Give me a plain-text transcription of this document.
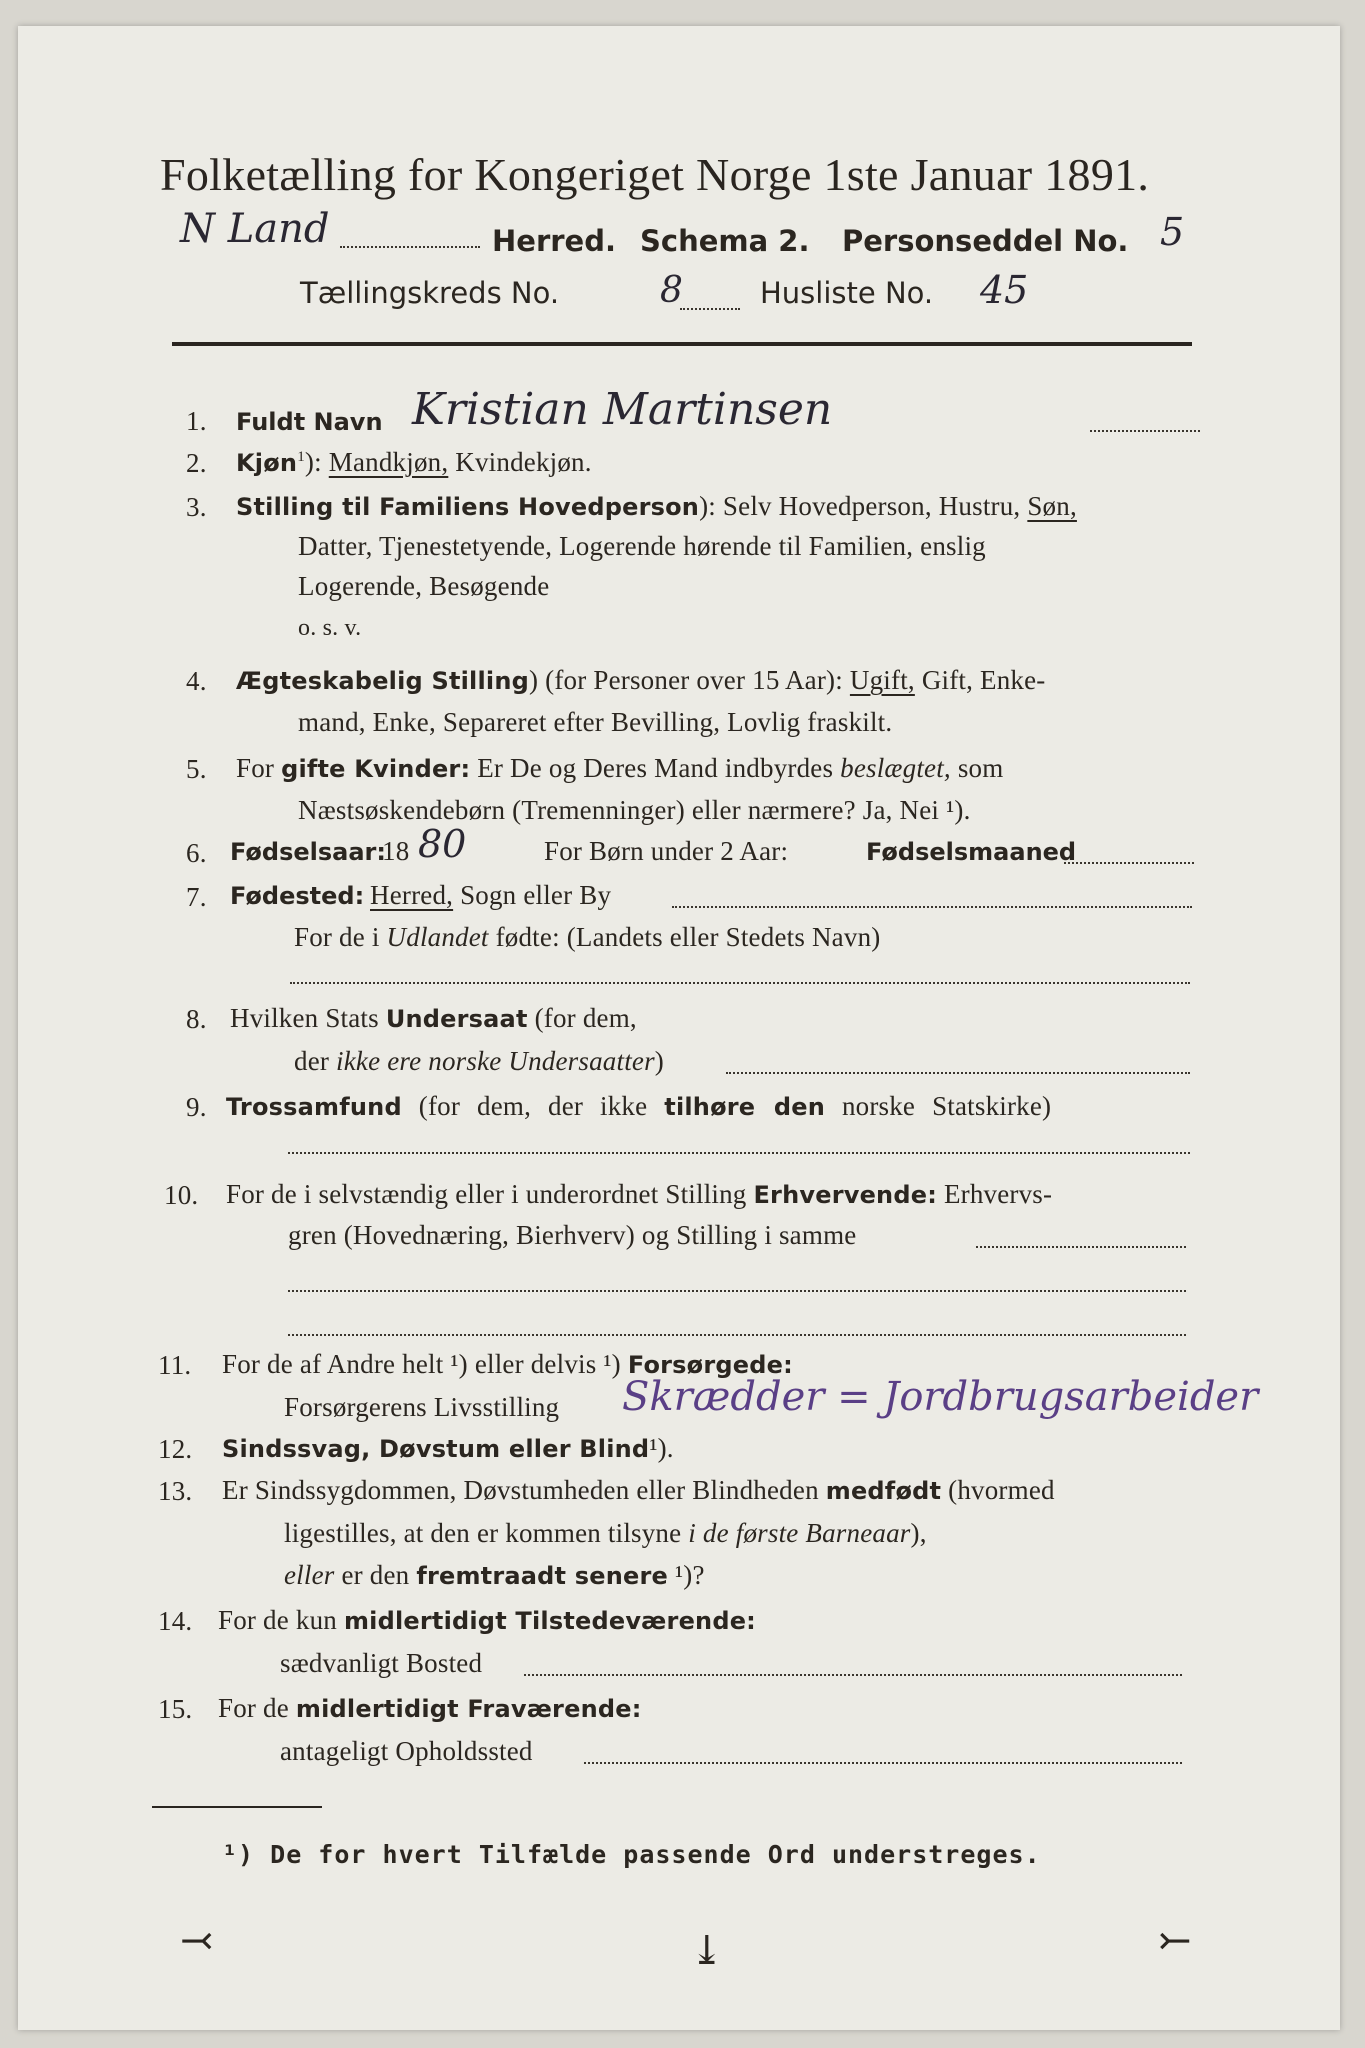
Folketælling for Kongeriget Norge 1ste Januar 1891.
N Land	Herred. Schema 2. Personseddel No. 5
Tællingskreds No.	8	Husliste No. 45
1. Fuldt Navn Kristian Martinsen
2. Kjøn$^1$): Mandkjøn, Kvindekjøn.
3. Stilling til Familiens Hovedperson): Selv Hovedperson, Hustru, Søn,
Datter, Tjenestetyende, Logerende hørende til Familien, enslig
Logerende, Besøgende
o. s. v.
4. Ægteskabelig Stilling) (for Personer over 15 Aar): Ugift, Gift, Enke-
mand, Enke, Separeret efter Bevilling, Lovlig fraskilt.
5. For gifte Kvinder: Er De og Deres Mand indbyrdes beslægtet, som
Næstsøskendebørn (Tremenninger) eller nærmere? Ja, Nei ¹).
6. Fødselsaar:
18 80	For Børn under 2 Aar:	Fødselsmaaned
7. Fødested: Herred, Sogn eller By
For de i Udlandet fødte: (Landets eller Stedets Navn)
8. Hvilken Stats Undersaat (for dem,
der ikke ere norske Undersaatter)
9. Trossamfund (for dem, der ikke tilhøre den norske Statskirke)
10. For de i selvstændig eller i underordnet Stilling Erhvervende: Erhvervs-
gren (Hovednæring, Bierhverv) og Stilling i samme
11. For de af Andre helt ¹) eller delvis ¹) Forsørgede:
Forsørgerens Livsstilling Skrædder = Jordbrugsarbeider
12. Sindssvag, Døvstum eller Blind¹).
13. Er Sindssygdommen, Døvstumheden eller Blindheden medfødt (hvormed
ligestilles, at den er kommen tilsyne i de første Barneaar),
eller er den fremtraadt senere ¹)?
14. For de kun midlertidigt Tilstedeværende:
sædvanligt Bosted
15. For de midlertidigt Fraværende:
antageligt Opholdssted
¹) De for hvert Tilfælde passende Ord understreges.
⤙	⤓	⤚
